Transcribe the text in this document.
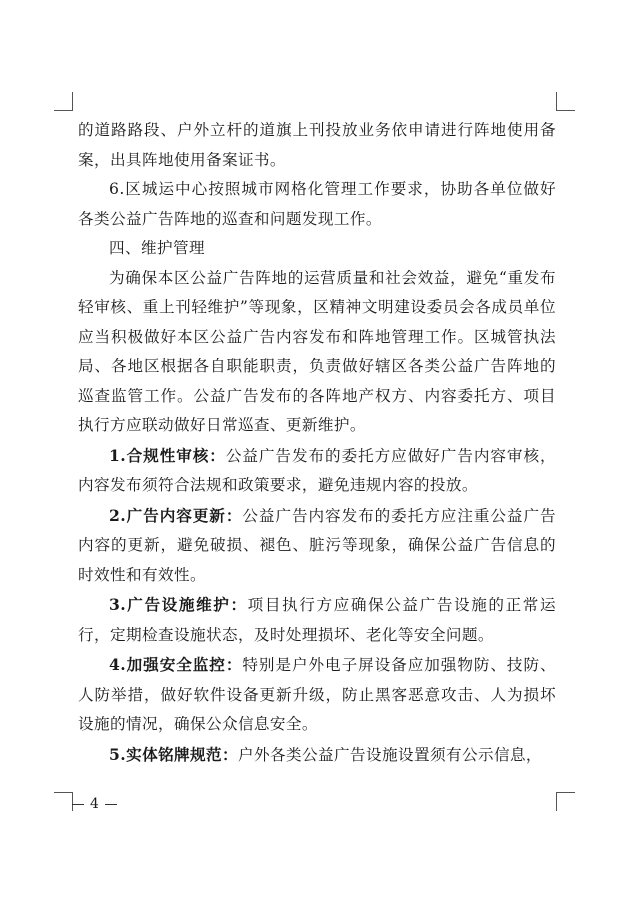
的道路路段、户外立杆的道旗上刊投放业务依申请进行阵地使用备案，出具阵地使用备案证书。

6.区城运中心按照城市网格化管理工作要求，协助各单位做好各类公益广告阵地的巡查和问题发现工作。

四、维护管理

为确保本区公益广告阵地的运营质量和社会效益，避免“重发布轻审核、重上刊轻维护”等现象，区精神文明建设委员会各成员单位应当积极做好本区公益广告内容发布和阵地管理工作。区城管执法局、各地区根据各自职能职责，负责做好辖区各类公益广告阵地的巡查监管工作。公益广告发布的各阵地产权方、内容委托方、项目执行方应联动做好日常巡查、更新维护。

1.合规性审核：公益广告发布的委托方应做好广告内容审核，内容发布须符合法规和政策要求，避免违规内容的投放。

2.广告内容更新：公益广告内容发布的委托方应注重公益广告内容的更新，避免破损、褪色、脏污等现象，确保公益广告信息的时效性和有效性。

3.广告设施维护：项目执行方应确保公益广告设施的正常运行，定期检查设施状态，及时处理损坏、老化等安全问题。

4.加强安全监控：特别是户外电子屏设备应加强物防、技防、人防举措，做好软件设备更新升级，防止黑客恶意攻击、人为损坏设施的情况，确保公众信息安全。

5.实体铭牌规范：户外各类公益广告设施设置须有公示信息，

4
